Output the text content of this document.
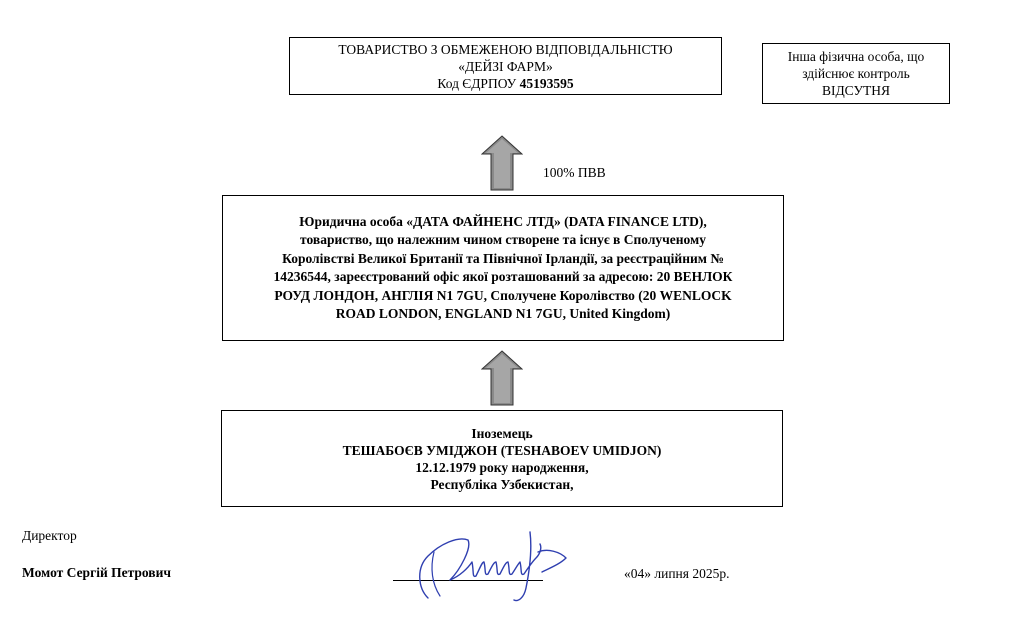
ТОВАРИСТВО З ОБМЕЖЕНОЮ ВІДПОВІДАЛЬНІСТЮ
«ДЕЙЗІ ФАРМ»
Код ЄДРПОУ 45193595
Інша фізична особа, що
здійснює контроль
ВІДСУТНЯ
100% ПВВ
Юридична особа «ДАТА ФАЙНЕНС ЛТД» (DATA FINANCE LTD),
товариство, що належним чином створене та існує в Сполученому
Королівстві Великої Британії та Північної Ірландії, за реєстраційним №
14236544, зареєстрований офіс якої розташований за адресою: 20 ВЕНЛОК
РОУД ЛОНДОН, АНГЛІЯ N1 7GU, Сполучене Королівство (20 WENLOCK
ROAD LONDON, ENGLAND N1 7GU, United Kingdom)
Іноземець
ТЕШАБОЄВ УМІДЖОН (TESHABOEV UMIDJON)
12.12.1979 року народження,
Республіка Узбекистан,
Директор
Момот Сергій Петрович	«04» липня 2025р.
